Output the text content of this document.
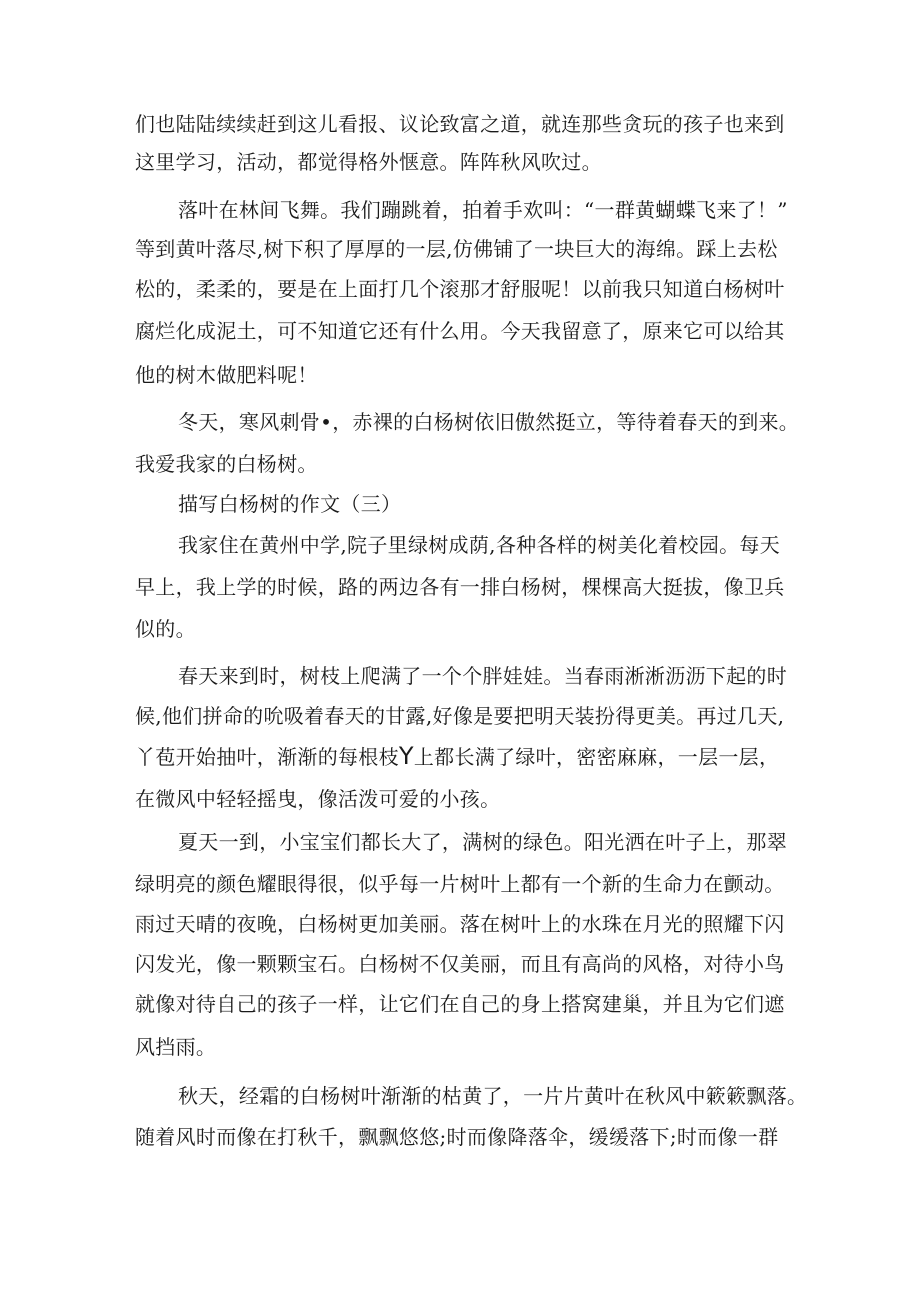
们也陆陆续续赶到这儿看报、议论致富之道，就连那些贪玩的孩子也来到
这里学习，活动，都觉得格外惬意。阵阵秋风吹过。
落叶在林间飞舞。我们蹦跳着，拍着手欢叫：“一群黄蝴蝶飞来了！”
等到黄叶落尽,树下积了厚厚的一层,仿佛铺了一块巨大的海绵。踩上去松
松的，柔柔的，要是在上面打几个滚那才舒服呢！以前我只知道白杨树叶
腐烂化成泥土，可不知道它还有什么用。今天我留意了，原来它可以给其
他的树木做肥料呢！
冬天，寒风刺骨•，赤裸的白杨树依旧傲然挺立，等待着春天的到来。
我爱我家的白杨树。
描写白杨树的作文（三）
我家住在黄州中学,院子里绿树成荫,各种各样的树美化着校园。每天
早上，我上学的时候，路的两边各有一排白杨树，棵棵高大挺拔，像卫兵
似的。
春天来到时，树枝上爬满了一个个胖娃娃。当春雨淅淅沥沥下起的时
候,他们拼命的吮吸着春天的甘露,好像是要把明天装扮得更美。再过几天,
丫苞开始抽叶，渐渐的每根枝Y上都长满了绿叶，密密麻麻，一层一层，
在微风中轻轻摇曳，像活泼可爱的小孩。
夏天一到，小宝宝们都长大了，满树的绿色。阳光洒在叶子上，那翠
绿明亮的颜色耀眼得很，似乎每一片树叶上都有一个新的生命力在颤动。
雨过天晴的夜晚，白杨树更加美丽。落在树叶上的水珠在月光的照耀下闪
闪发光，像一颗颗宝石。白杨树不仅美丽，而且有高尚的风格，对待小鸟
就像对待自己的孩子一样，让它们在自己的身上搭窝建巢，并且为它们遮
风挡雨。
秋天，经霜的白杨树叶渐渐的枯黄了，一片片黄叶在秋风中簌簌飘落。
随着风时而像在打秋千，飘飘悠悠;时而像降落伞，缓缓落下;时而像一群
